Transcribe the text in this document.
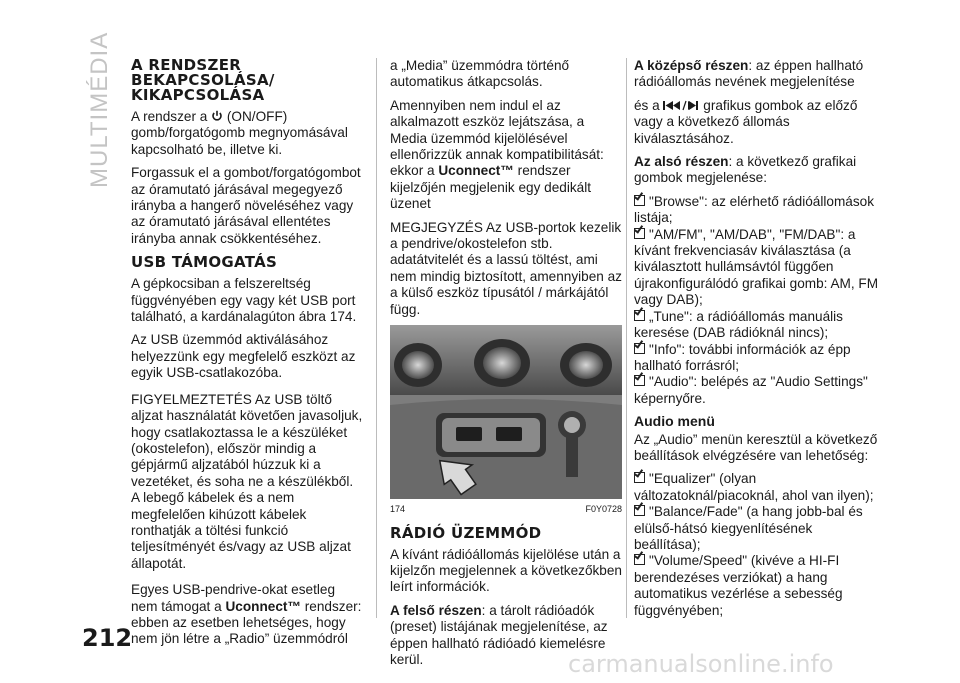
MULTIMÉDIA A RENDSZER BEKAPCSOLÁSA/ KIKAPCSOLÁSA

A rendszer a (ON/OFF) gomb/forgatógomb megnyomásával kapcsolható be, illetve ki.

Forgassuk el a gombot/forgatógombot az óramutató járásával megegyező irányba a hangerő növeléséhez vagy az óramutató járásával ellentétes irányba annak csökkentéséhez.

USB TÁMOGATÁS

A gépkocsiban a felszereltség függvényében egy vagy két USB port található, a kardánalagúton ábra 174.

Az USB üzemmód aktiválásához helyezzünk egy megfelelő eszközt az egyik USB-csatlakozóba.

FIGYELMEZTETÉS Az USB töltő aljzat használatát követően javasoljuk, hogy csatlakoztassa le a készüléket (okostelefon), először mindig a gépjármű aljzatából húzzuk ki a vezetéket, és soha ne a készülékből. A lebegő kábelek és a nem megfelelően kihúzott kábelek ronthatják a töltési funkció teljesítményét és/vagy az USB aljzat állapotát.

Egyes USB-pendrive-okat esetleg nem támogat a Uconnect™ rendszer: ebben az esetben lehetséges, hogy nem jön létre a „Radio” üzemmódról

a „Media” üzemmódra történő automatikus átkapcsolás.

Amennyiben nem indul el az alkalmazott eszköz lejátszása, a Media üzemmód kijelölésével ellenőrizzük annak kompatibilitását: ekkor a Uconnect™ rendszer kijelzőjén megjelenik egy dedikált üzenet

MEGJEGYZÉS Az USB-portok kezelik a pendrive/okostelefon stb. adatátvitelét és a lassú töltést, ami nem mindig biztosított, amennyiben az a külső eszköz típusától / márkájától függ.

174	F0Y0728
RÁDIÓ ÜZEMMÓD

A kívánt rádióállomás kijelölése után a kijelzőn megjelennek a következőkben leírt információk.

A felső részen: a tárolt rádióadók (preset) listájának megjelenítése, az éppen hallható rádióadó kiemelésre kerül.

A középső részen: az éppen hallható rádióállomás nevének megjelenítése

és a	grafikus gombok az előző vagy a következő állomás kiválasztásához.

Az alsó részen: a következő grafikai gombok megjelenése:

"Browse": az elérhető rádióállomások listája;

"AM/FM", "AM/DAB", "FM/DAB": a kívánt frekvenciasáv kiválasztása (a kiválasztott hullámsávtól függően újrakonfigurálódó grafikai gomb: AM, FM vagy DAB);

„Tune": a rádióállomás manuális keresése (DAB rádióknál nincs);

"Info": további információk az épp hallható forrásról;

"Audio": belépés az "Audio Settings" képernyőre.

Audio menü

Az „Audio” menün keresztül a következő beállítások elvégzésére van lehetőség:

"Equalizer" (olyan változatoknál/piacoknál, ahol van ilyen);

"Balance/Fade" (a hang jobb-bal és elülső-hátsó kiegyenlítésének beállítása);

"Volume/Speed" (kivéve a HI-FI berendezéses verziókat) a hang automatikus vezérlése a sebesség függvényében;

212
carmanualsonline.info
